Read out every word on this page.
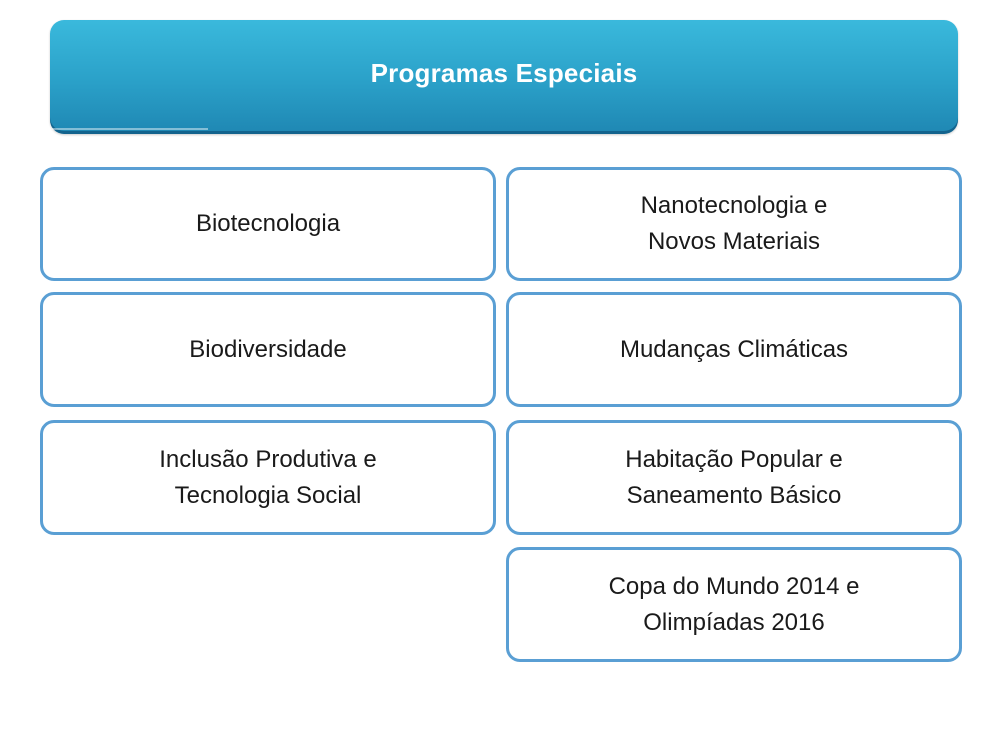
Programas Especiais
Biotecnologia
Nanotecnologia e
Novos Materiais
Biodiversidade	Mudanças Climáticas
Inclusão Produtiva e
Tecnologia Social
Habitação Popular e
Saneamento Básico
Copa do Mundo 2014 e
Olimpíadas 2016
